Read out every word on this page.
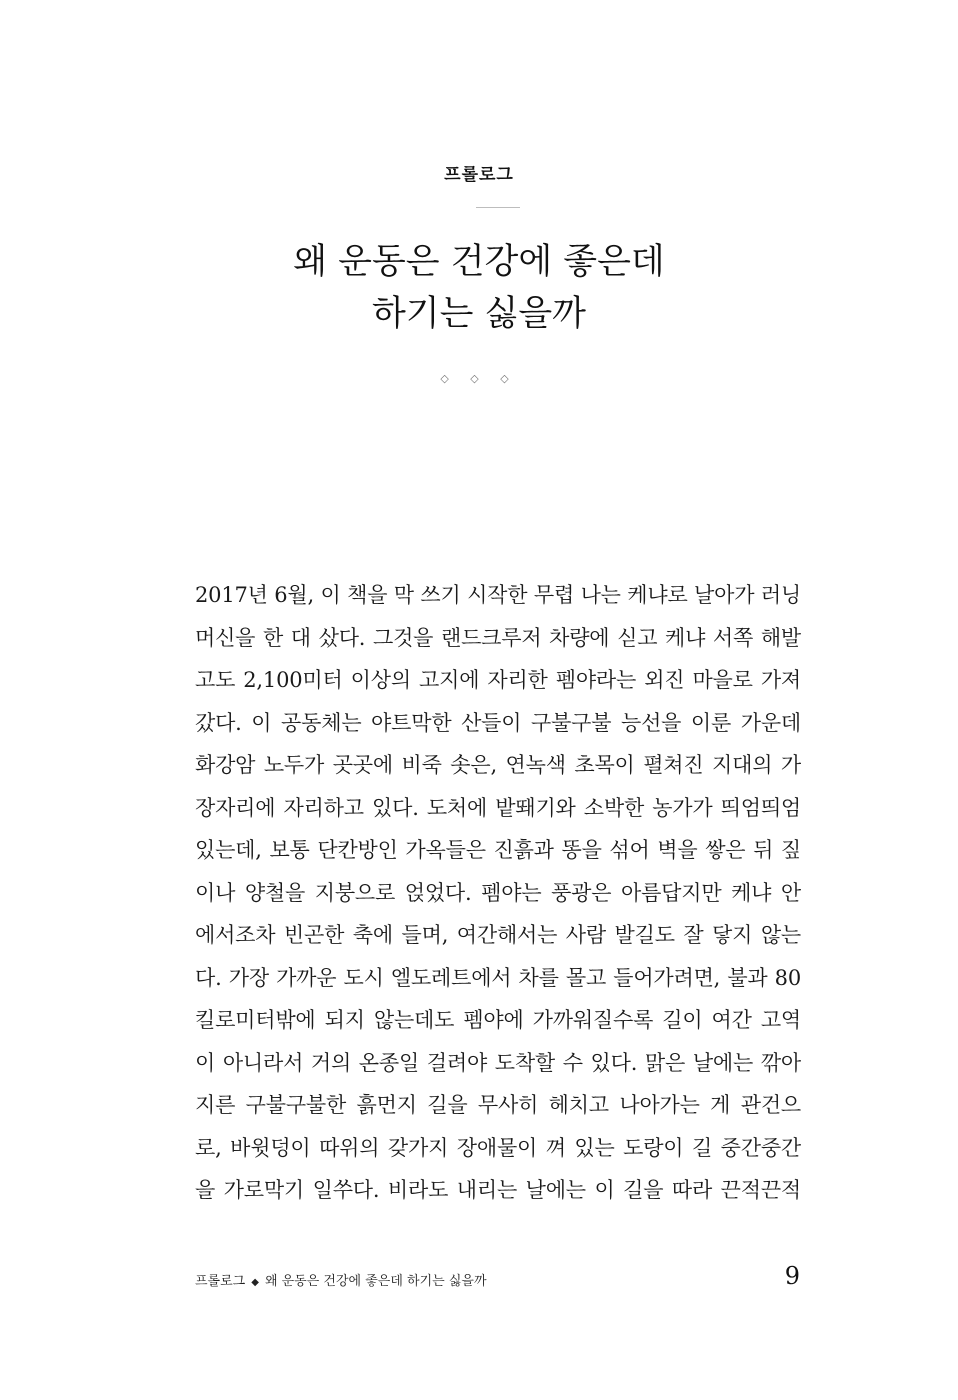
프롤로그
왜 운동은 건강에 좋은데
하기는 싫을까
◇ ◇ ◇
2017년 6월, 이 책을 막 쓰기 시작한 무렵 나는 케냐로 날아가 러닝
머신을 한 대 샀다. 그것을 랜드크루저 차량에 싣고 케냐 서쪽 해발
고도 2,100미터 이상의 고지에 자리한 펨야라는 외진 마을로 가져
갔다. 이 공동체는 야트막한 산들이 구불구불 능선을 이룬 가운데
화강암 노두가 곳곳에 비죽 솟은, 연녹색 초목이 펼쳐진 지대의 가
장자리에 자리하고 있다. 도처에 밭뙈기와 소박한 농가가 띄엄띄엄
있는데, 보통 단칸방인 가옥들은 진흙과 똥을 섞어 벽을 쌓은 뒤 짚
이나 양철을 지붕으로 얹었다. 펨야는 풍광은 아름답지만 케냐 안
에서조차 빈곤한 축에 들며, 여간해서는 사람 발길도 잘 닿지 않는
다. 가장 가까운 도시 엘도레트에서 차를 몰고 들어가려면, 불과 80
킬로미터밖에 되지 않는데도 펨야에 가까워질수록 길이 여간 고역
이 아니라서 거의 온종일 걸려야 도착할 수 있다. 맑은 날에는 깎아
지른 구불구불한 흙먼지 길을 무사히 헤치고 나아가는 게 관건으
로, 바윗덩이 따위의 갖가지 장애물이 껴 있는 도랑이 길 중간중간
을 가로막기 일쑤다. 비라도 내리는 날에는 이 길을 따라 끈적끈적
프롤로그 ◆ 왜 운동은 건강에 좋은데 하기는 싫을까	9
